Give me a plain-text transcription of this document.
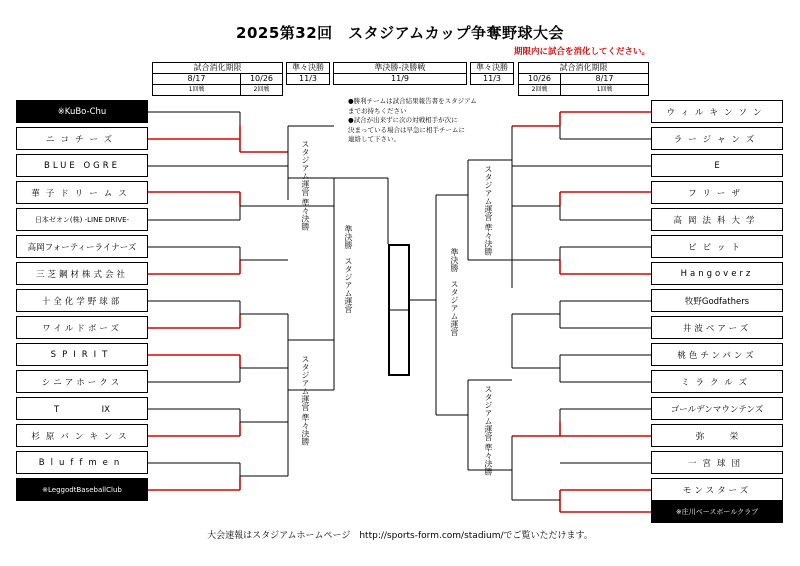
2025第32回　スタジアムカップ争奪野球大会
期限内に試合を消化してください。
試合消化期限	
8/17	10/26
1回戦	2回戦
準々決勝
11/3
準決勝-決勝戦
11/9
準々決勝
11/3
試合消化期限	
10/26	8/17
2回戦	1回戦
●勝利チームは試合結果報告書をスタジアム
までお持ちください
●試合が出来ずに次の対戦相手が次に
決まっている場合は早急に相手チームに
連絡して下さい。
※KuBo-Chu
ニコチーズ
BLUE OGRE
華子ドリームス
日本ゼオン(株) -LINE DRIVE-
高岡フォーティーライナーズ
三芝鋼材株式会社
十全化学野球部
ワイルドボーズ
SPIRIT
シニアホークス
T　　　　　IX
杉原バンキンス
Bluffmen
※LeggodtBaseballClub
ウィルキンソン
ラージャンズ
E
フリーザ
高岡法科大学
ビビット
Hangoverz
牧野Godfathers
井波ベアーズ
桃色チンパンズ
ミラクルズ
ゴールデンマウンテンズ
弥　　　栄
一宮球団
モンスターズ
※庄川ベースボールクラブ
スタジアム運営 準々決勝
スタジアム運営 準々決勝
準決勝　スタジアム運営	準決勝　スタジアム運営
スタジアム運営 準々決勝
スタジアム運営 準々決勝
大会速報はスタジアムホームページ　http://sports-form.com/stadium/でご覧いただけます。
